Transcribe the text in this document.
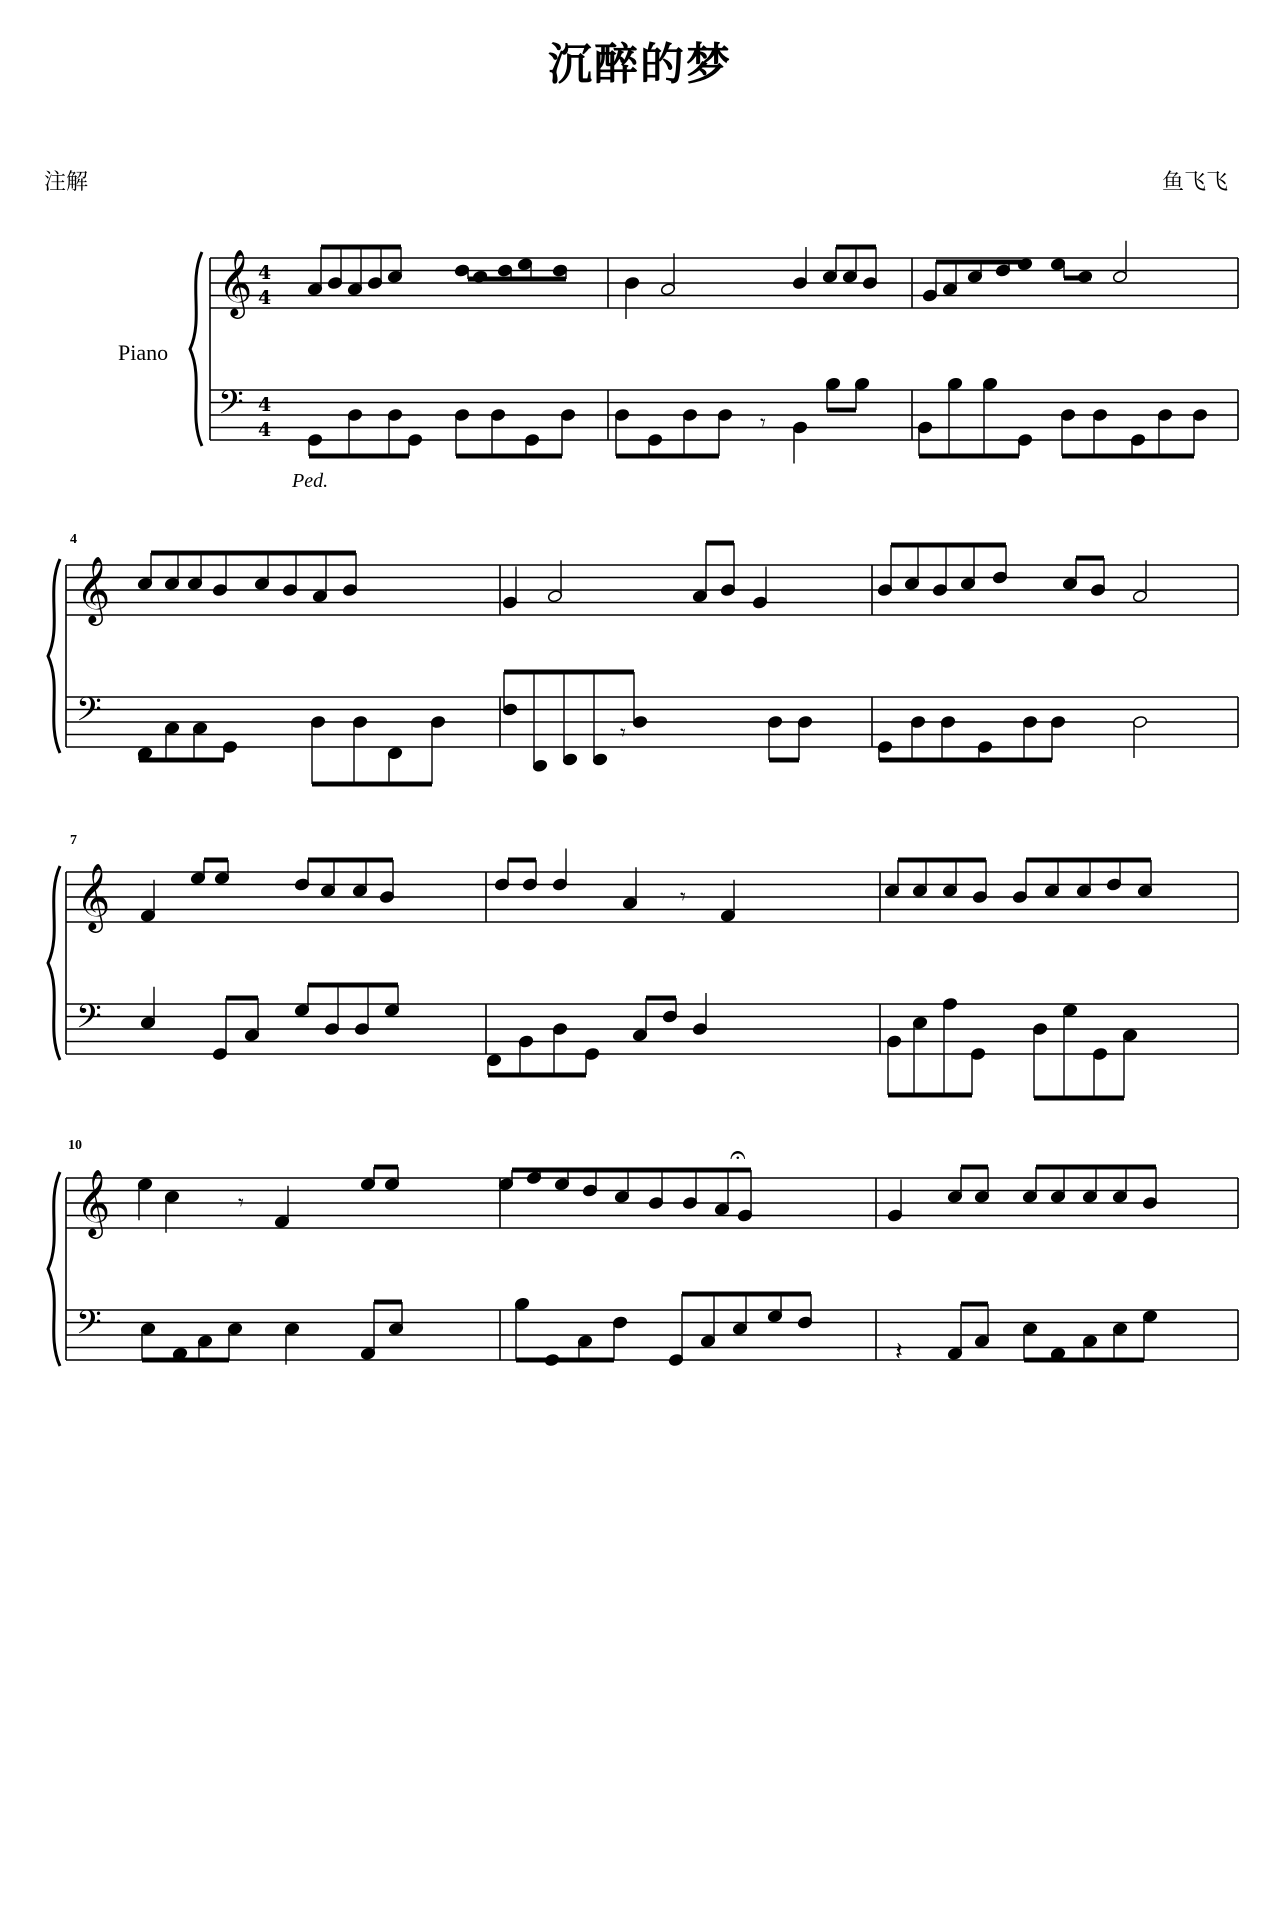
沉醉的梦
注解	鱼飞飞
Piano
Ped.
4
7
10
𝄞
𝄢
4
4
4
4
𝄞
𝄢
𝄞
𝄢
𝄞
𝄢
𝄾
𝄾
𝄾
𝄾
𝄐
𝄽
